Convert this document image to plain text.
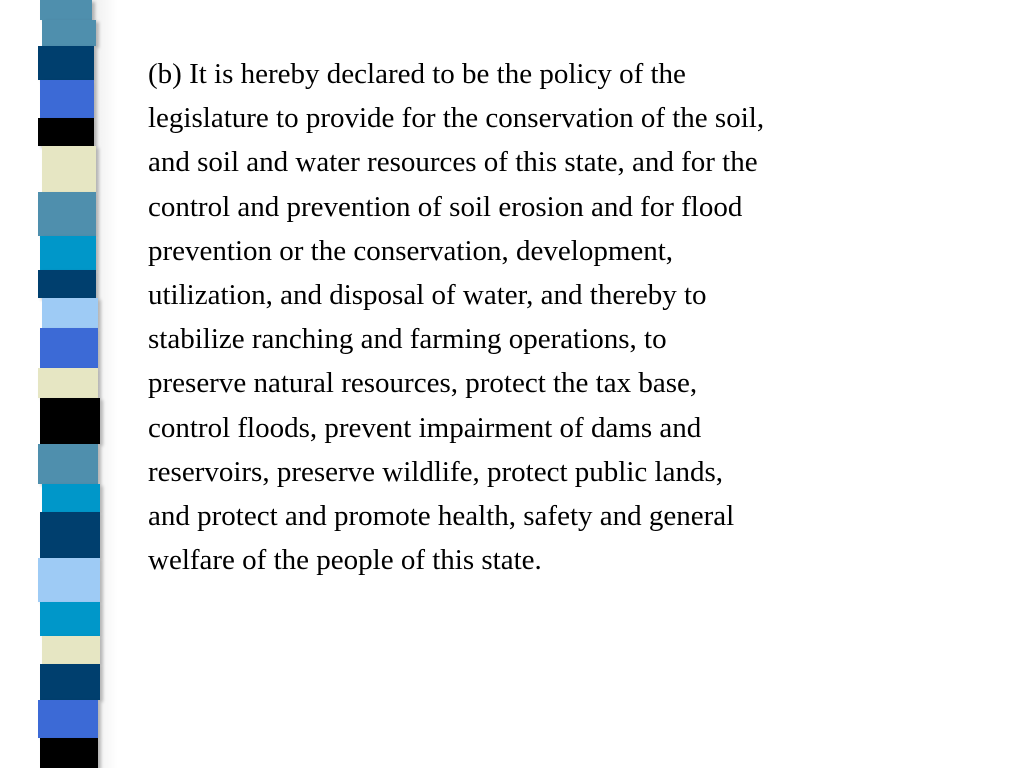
(b) It is hereby declared to be the policy of the
legislature to provide for the conservation of the soil,
and soil and water resources of this state, and for the
control and prevention of soil erosion and for flood
prevention or the conservation, development,
utilization, and disposal of water, and thereby to
stabilize ranching and farming operations, to
preserve natural resources, protect the tax base,
control floods, prevent impairment of dams and
reservoirs, preserve wildlife, protect public lands,
and protect and promote health, safety and general
welfare of the people of this state.
